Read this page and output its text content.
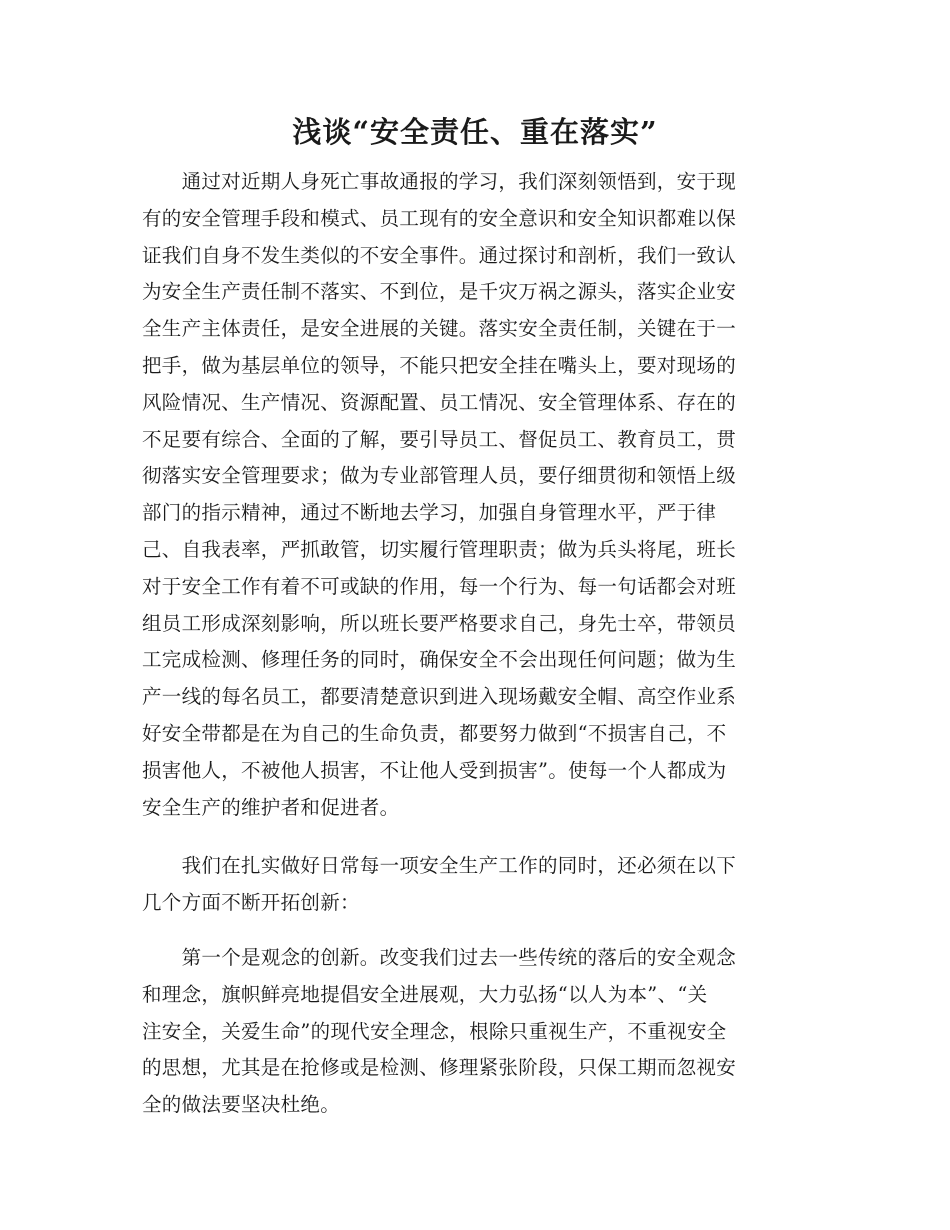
浅谈“安全责任、重在落实”
　　通过对近期人身死亡事故通报的学习，我们深刻领悟到，安于现
有的安全管理手段和模式、员工现有的安全意识和安全知识都难以保
证我们自身不发生类似的不安全事件。通过探讨和剖析，我们一致认
为安全生产责任制不落实、不到位，是千灾万祸之源头，落实企业安
全生产主体责任，是安全进展的关键。落实安全责任制，关键在于一
把手，做为基层单位的领导，不能只把安全挂在嘴头上，要对现场的
风险情况、生产情况、资源配置、员工情况、安全管理体系、存在的
不足要有综合、全面的了解，要引导员工、督促员工、教育员工，贯
彻落实安全管理要求；做为专业部管理人员，要仔细贯彻和领悟上级
部门的指示精神，通过不断地去学习，加强自身管理水平，严于律
己、自我表率，严抓敢管，切实履行管理职责；做为兵头将尾，班长
对于安全工作有着不可或缺的作用，每一个行为、每一句话都会对班
组员工形成深刻影响，所以班长要严格要求自己，身先士卒，带领员
工完成检测、修理任务的同时，确保安全不会出现任何问题；做为生
产一线的每名员工，都要清楚意识到进入现场戴安全帽、高空作业系
好安全带都是在为自己的生命负责，都要努力做到“不损害自己，不
损害他人，不被他人损害，不让他人受到损害”。使每一个人都成为
安全生产的维护者和促进者。
　　我们在扎实做好日常每一项安全生产工作的同时，还必须在以下
几个方面不断开拓创新：
　　第一个是观念的创新。改变我们过去一些传统的落后的安全观念
和理念，旗帜鲜亮地提倡安全进展观，大力弘扬“以人为本”、“关
注安全，关爱生命”的现代安全理念，根除只重视生产，不重视安全
的思想，尤其是在抢修或是检测、修理紧张阶段，只保工期而忽视安
全的做法要坚决杜绝。
